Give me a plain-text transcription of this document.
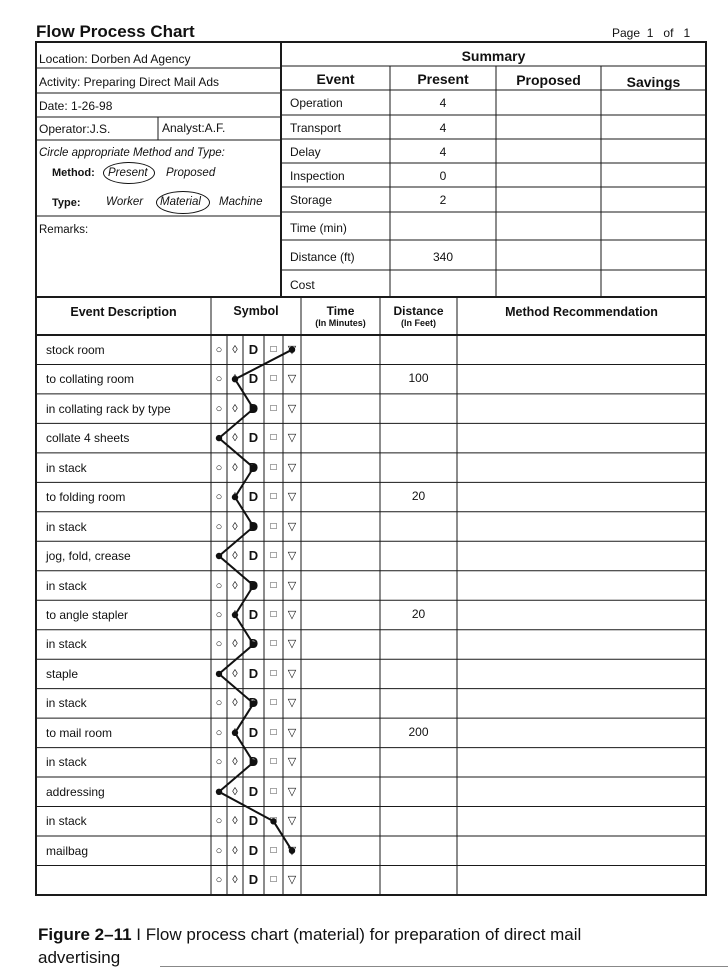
Flow Process Chart	Page 1 of 1
Location: Dorben Ad Agency
Activity: Preparing Direct Mail Ads
Date: 1-26-98
Operator:J.S.	Analyst:A.F.
Circle appropriate Method and Type:
Method: Present Proposed
Type: Worker Material Machine
Remarks:
Summary
Event	Present	Proposed	Savings
Operation	4
Transport	4
Delay	4
Inspection	0
Storage	2
Time (min)
Distance (ft)	340
Cost
Event Description	Symbol	Time
(In Minutes)
Distance
(In Feet)
Method Recommendation
stock room	○ ◊ D	□	▽
to collating room	○ ◊ D	□	▽	100
in collating rack by type	○ ◊ D	□	▽
collate 4 sheets	○ ◊ D	□	▽
in stack	○ ◊ D	□	▽
to folding room	○ ◊ D	□	▽	20
in stack	○ ◊ D	□	▽
jog, fold, crease	○ ◊ D	□	▽
in stack	○ ◊ D	□	▽
to angle stapler	○ ◊ D	□	▽	20
in stack	○ ◊ D	□	▽
staple	○ ◊ D	□	▽
in stack	○ ◊ D	□	▽
to mail room	○ ◊ D	□	▽	200
in stack	○ ◊ D	□	▽
addressing	○ ◊ D	□	▽
in stack	○ ◊ D	□	▽
mailbag	○ ◊ D	□	▽
○ ◊ D	□	▽
Figure 2–11 I Flow process chart (material) for preparation of direct mail
advertising
